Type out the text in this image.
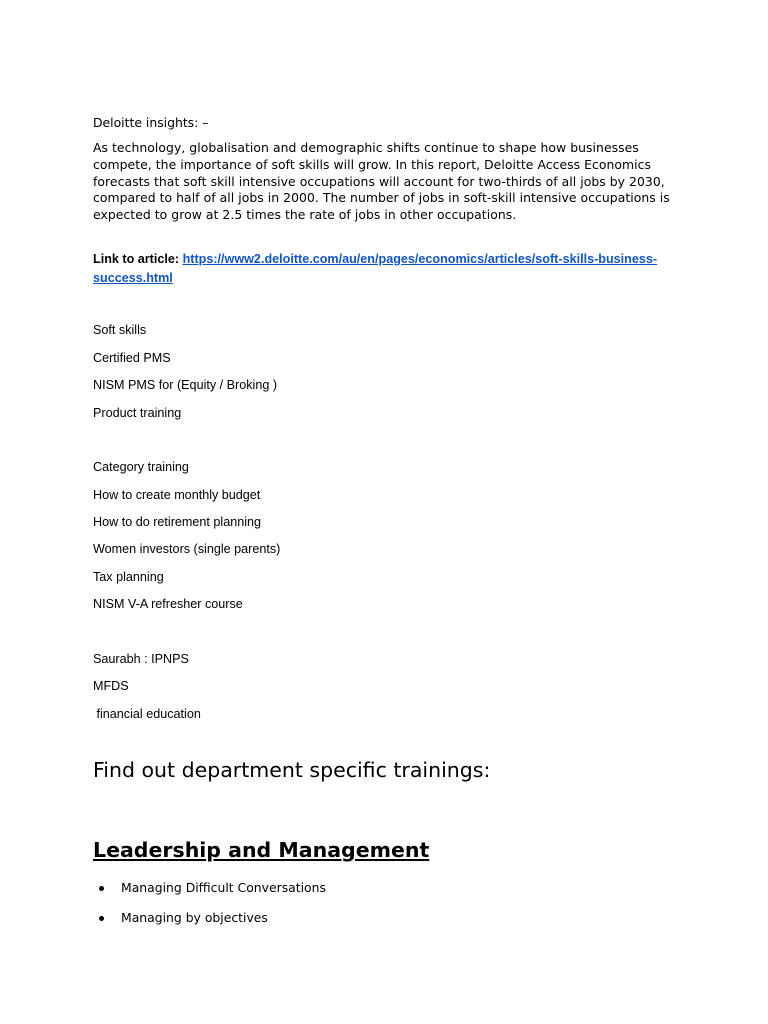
Deloitte insights: –

As technology, globalisation and demographic shifts continue to shape how businesses compete, the importance of soft skills will grow. In this report, Deloitte Access Economics forecasts that soft skill intensive occupations will account for two-thirds of all jobs by 2030, compared to half of all jobs in 2000. The number of jobs in soft-skill intensive occupations is expected to grow at 2.5 times the rate of jobs in other occupations.

Link to article: https://www2.deloitte.com/au/en/pages/economics/articles/soft-skills-business-success.html

Soft skills

Certified PMS

NISM PMS for (Equity / Broking )

Product training

Category training

How to create monthly budget

How to do retirement planning

Women investors (single parents)

Tax planning

NISM V-A refresher course

Saurabh : IPNPS

MFDS

financial education

Find out department specific trainings:

Leadership and Management

Managing Difficult Conversations
Managing by objectives
